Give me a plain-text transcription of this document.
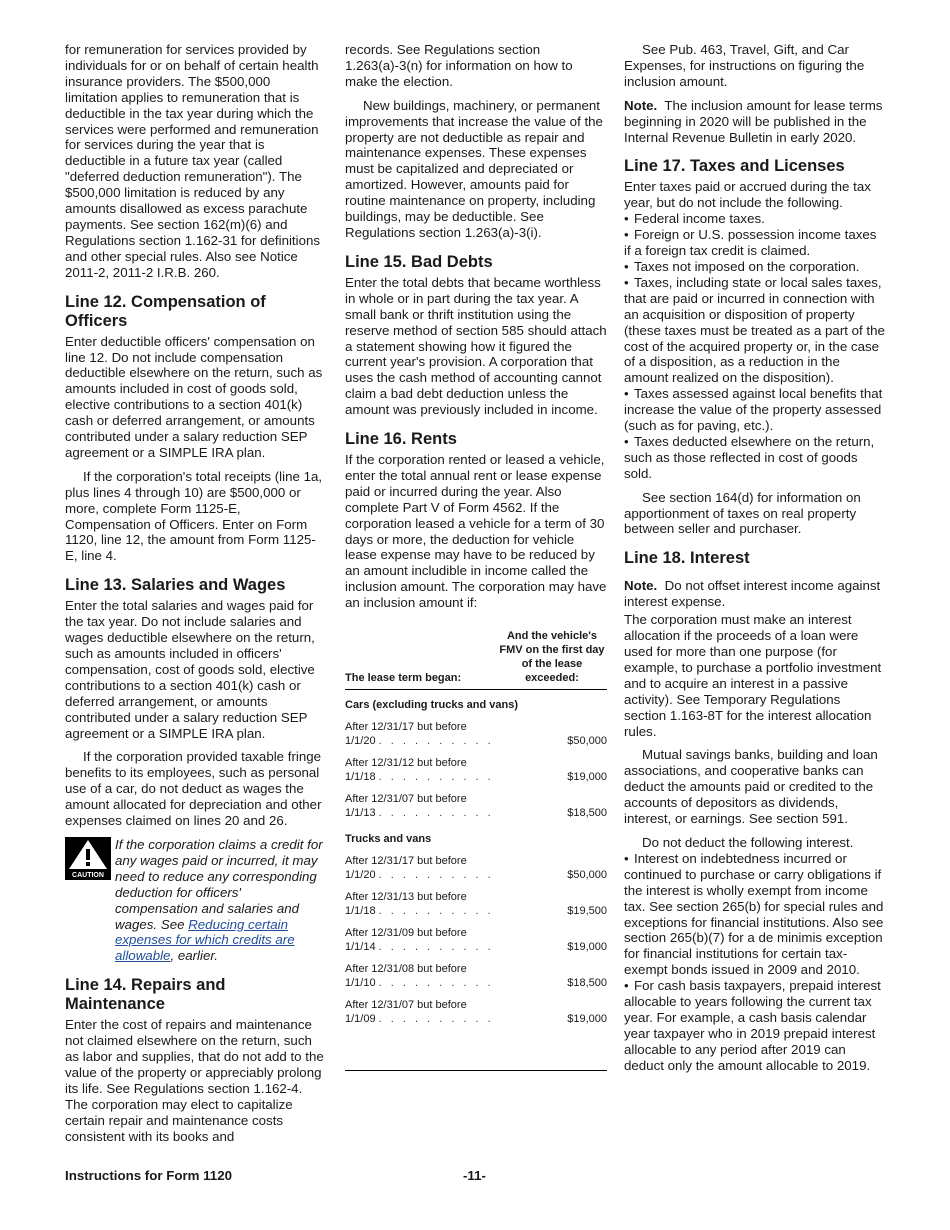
for remuneration for services provided by individuals for or on behalf of certain health insurance providers. The $500,000 limitation applies to remuneration that is deductible in the tax year during which the services were performed and remuneration for services during the year that is deductible in a future tax year (called "deferred deduction remuneration"). The $500,000 limitation is reduced by any amounts disallowed as excess parachute payments. See section 162(m)(6) and Regulations section 1.162-31 for definitions and other special rules. Also see Notice 2011-2, 2011-2 I.R.B. 260.

Line 12. Compensation of Officers

Enter deductible officers' compensation on line 12. Do not include compensation deductible elsewhere on the return, such as amounts included in cost of goods sold, elective contributions to a section 401(k) cash or deferred arrangement, or amounts contributed under a salary reduction SEP agreement or a SIMPLE IRA plan.

If the corporation's total receipts (line 1a, plus lines 4 through 10) are $500,000 or more, complete Form 1125-E, Compensation of Officers. Enter on Form 1120, line 12, the amount from Form 1125-E, line 4.

Line 13. Salaries and Wages

Enter the total salaries and wages paid for the tax year. Do not include salaries and wages deductible elsewhere on the return, such as amounts included in officers' compensation, cost of goods sold, elective contributions to a section 401(k) cash or deferred arrangement, or amounts contributed under a salary reduction SEP agreement or a SIMPLE IRA plan.

If the corporation provided taxable fringe benefits to its employees, such as personal use of a car, do not deduct as wages the amount allocated for depreciation and other expenses claimed on lines 20 and 26.

CAUTION
If the corporation claims a credit for any wages paid or incurred, it may need to reduce any corresponding deduction for officers' compensation and salaries and wages. See Reducing certain expenses for which credits are allowable, earlier.
Line 14. Repairs and Maintenance

Enter the cost of repairs and maintenance not claimed elsewhere on the return, such as labor and supplies, that do not add to the value of the property or appreciably prolong its life. See Regulations section 1.162-4. The corporation may elect to capitalize certain repair and maintenance costs consistent with its books and

records. See Regulations section 1.263(a)-3(n) for information on how to make the election.

New buildings, machinery, or permanent improvements that increase the value of the property are not deductible as repair and maintenance expenses. These expenses must be capitalized and depreciated or amortized. However, amounts paid for routine maintenance on property, including buildings, may be deductible. See Regulations section 1.263(a)-3(i).

Line 15. Bad Debts

Enter the total debts that became worthless in whole or in part during the tax year. A small bank or thrift institution using the reserve method of section 585 should attach a statement showing how it figured the current year's provision. A corporation that uses the cash method of accounting cannot claim a bad debt deduction unless the amount was previously included in income.

Line 16. Rents

If the corporation rented or leased a vehicle, enter the total annual rent or lease expense paid or incurred during the year. Also complete Part V of Form 4562. If the corporation leased a vehicle for a term of 30 days or more, the deduction for vehicle lease expense may have to be reduced by an amount includible in income called the inclusion amount. The corporation may have an inclusion amount if:

The lease term began:	And the vehicle's FMV on the first day of the lease exceeded:
Cars (excluding trucks and vans)	
After 12/31/17 but before
1/1/20 . . . . . . . . . .	$50,000
After 12/31/12 but before
1/1/18 . . . . . . . . . .	$19,000
After 12/31/07 but before
1/1/13 . . . . . . . . . .	$18,500
Trucks and vans	
After 12/31/17 but before
1/1/20 . . . . . . . . . .	$50,000
After 12/31/13 but before
1/1/18 . . . . . . . . . .	$19,500
After 12/31/09 but before
1/1/14 . . . . . . . . . .	$19,000
After 12/31/08 but before
1/1/10 . . . . . . . . . .	$18,500
After 12/31/07 but before
1/1/09 . . . . . . . . . .	$19,000

See Pub. 463, Travel, Gift, and Car Expenses, for instructions on figuring the inclusion amount.

Note. The inclusion amount for lease terms beginning in 2020 will be published in the Internal Revenue Bulletin in early 2020.

Line 17. Taxes and Licenses

Enter taxes paid or accrued during the tax year, but do not include the following.

• Federal income taxes.

• Foreign or U.S. possession income taxes if a foreign tax credit is claimed.

• Taxes not imposed on the corporation.

• Taxes, including state or local sales taxes, that are paid or incurred in connection with an acquisition or disposition of property (these taxes must be treated as a part of the cost of the acquired property or, in the case of a disposition, as a reduction in the amount realized on the disposition).

• Taxes assessed against local benefits that increase the value of the property assessed (such as for paving, etc.).

• Taxes deducted elsewhere on the return, such as those reflected in cost of goods sold.

See section 164(d) for information on apportionment of taxes on real property between seller and purchaser.

Line 18. Interest

Note. Do not offset interest income against interest expense.

The corporation must make an interest allocation if the proceeds of a loan were used for more than one purpose (for example, to purchase a portfolio investment and to acquire an interest in a passive activity). See Temporary Regulations section 1.163-8T for the interest allocation rules.

Mutual savings banks, building and loan associations, and cooperative banks can deduct the amounts paid or credited to the accounts of depositors as dividends, interest, or earnings. See section 591.

Do not deduct the following interest.

• Interest on indebtedness incurred or continued to purchase or carry obligations if the interest is wholly exempt from income tax. See section 265(b) for special rules and exceptions for financial institutions. Also see section 265(b)(7) for a de minimis exception for financial institutions for certain tax-exempt bonds issued in 2009 and 2010.

• For cash basis taxpayers, prepaid interest allocable to years following the current tax year. For example, a cash basis calendar year taxpayer who in 2019 prepaid interest allocable to any period after 2019 can deduct only the amount allocable to 2019.

Instructions for Form 1120	-11-
